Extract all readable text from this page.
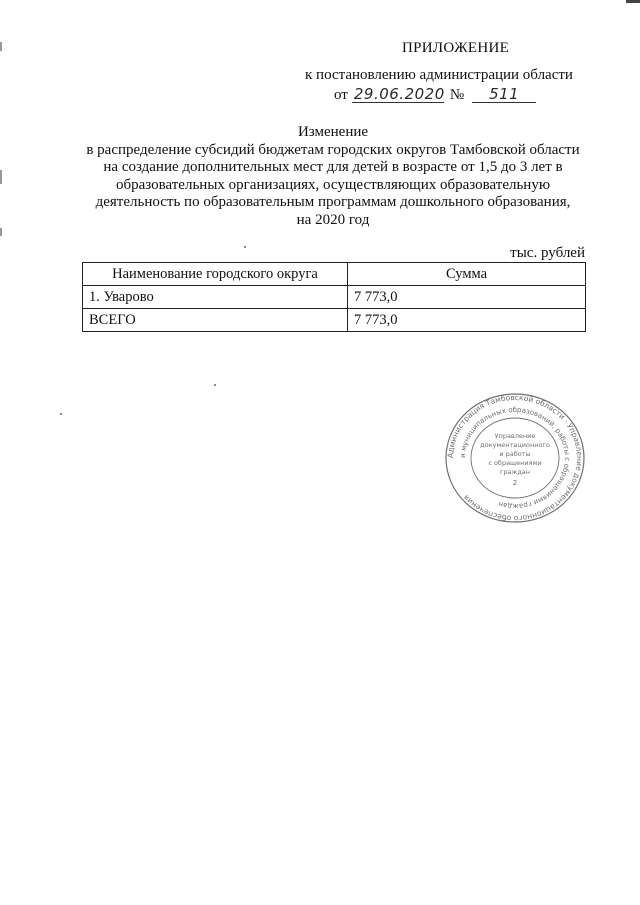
ПРИЛОЖЕНИЕ
к постановлению администрации области
от 29.06.2020 №	511
Изменение
в распределение субсидий бюджетам городских округов Тамбовской области
на создание дополнительных мест для детей в возрасте от 1,5 до 3 лет в
образовательных организациях, осуществляющих образовательную
деятельность по образовательным программам дошкольного образования,
на 2020 год
тыс. рублей
Наименование городского округа	Сумма
1. Уварово	7 773,0
ВСЕГО	7 773,0
Администрация Тамбовской области · Управление документационного обеспечения
и муниципальных образований, работы с обращениями граждан
Управление
документационного
и работы
с обращениями
граждан
2
